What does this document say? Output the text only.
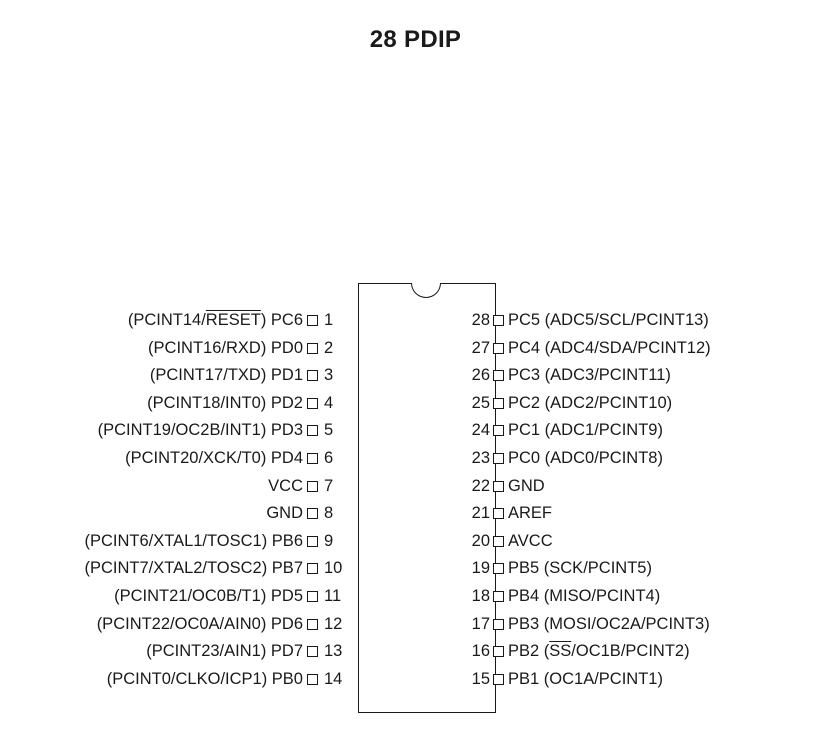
28 PDIP
(PCINT14/RESET) PC6 1
(PCINT16/RXD) PD0 2
(PCINT17/TXD) PD1 3
(PCINT18/INT0) PD2 4
(PCINT19/OC2B/INT1) PD3 5
(PCINT20/XCK/T0) PD4 6
VCC 7
GND 8
(PCINT6/XTAL1/TOSC1) PB6 9
(PCINT7/XTAL2/TOSC2) PB7 10
(PCINT21/OC0B/T1) PD5 11
(PCINT22/OC0A/AIN0) PD6 12
(PCINT23/AIN1) PD7 13
(PCINT0/CLKO/ICP1) PB0 14
28 PC5 (ADC5/SCL/PCINT13)
27 PC4 (ADC4/SDA/PCINT12)
26 PC3 (ADC3/PCINT11)
25 PC2 (ADC2/PCINT10)
24 PC1 (ADC1/PCINT9)
23 PC0 (ADC0/PCINT8)
22 GND
21 AREF
20 AVCC
19 PB5 (SCK/PCINT5)
18 PB4 (MISO/PCINT4)
17 PB3 (MOSI/OC2A/PCINT3)
16 PB2 $(\overline{SS}/OC1B/PCINT2)$
15 PB1 (OC1A/PCINT1)
